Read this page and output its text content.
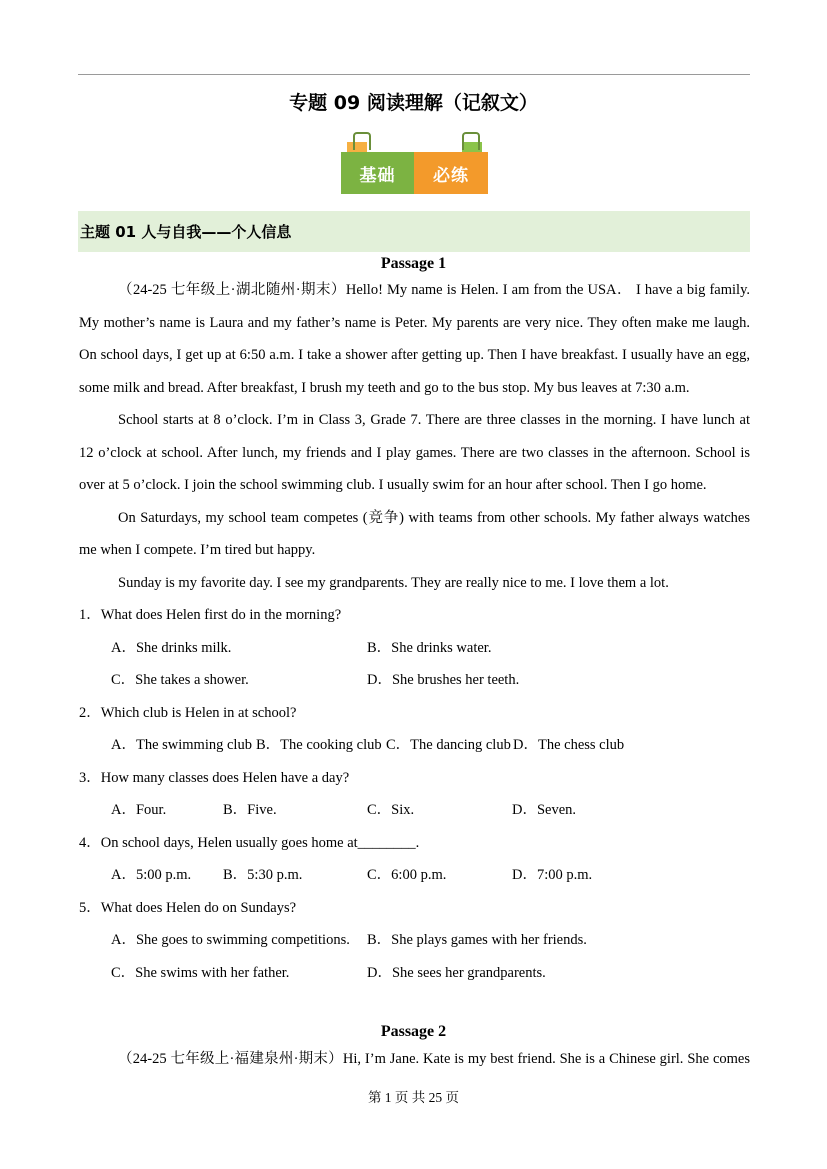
专题 09 阅读理解（记叙文）
基础	必练
主题 01 人与自我——个人信息
Passage 1
（24-25 七年级上·湖北随州·期末）Hello! My name is Helen. I am from the USA． I have a big family.
My mother’s name is Laura and my father’s name is Peter. My parents are very nice. They often make me laugh.
On school days, I get up at 6:50 a.m. I take a shower after getting up. Then I have breakfast. I usually have an egg,
some milk and bread. After breakfast, I brush my teeth and go to the bus stop. My bus leaves at 7:30 a.m.
School starts at 8 o’clock. I’m in Class 3, Grade 7. There are three classes in the morning. I have lunch at
12 o’clock at school. After lunch, my friends and I play games. There are two classes in the afternoon. School is
over at 5 o’clock. I join the school swimming club. I usually swim for an hour after school. Then I go home.
On Saturdays, my school team competes (竞争) with teams from other schools. My father always watches
me when I compete. I’m tired but happy.
Sunday is my favorite day. I see my grandparents. They are really nice to me. I love them a lot.
1．What does Helen first do in the morning?
A．She drinks milk.	B．She drinks water.
C．She takes a shower.	D．She brushes her teeth.
2．Which club is Helen in at school?
A．The swimming club B．The cooking club C．The dancing club D．The chess club
3．How many classes does Helen have a day?
A．Four.	B．Five.	C．Six.	D．Seven.
4．On school days, Helen usually goes home at________.
A．5:00 p.m. B．5:30 p.m.	C．6:00 p.m.	D．7:00 p.m.
5．What does Helen do on Sundays?
A．She goes to swimming competitions. B．She plays games with her friends.
C．She swims with her father.	D．She sees her grandparents.
Passage 2
（24-25 七年级上·福建泉州·期末）Hi, I’m Jane. Kate is my best friend. She is a Chinese girl. She comes
第 1 页 共 25 页
